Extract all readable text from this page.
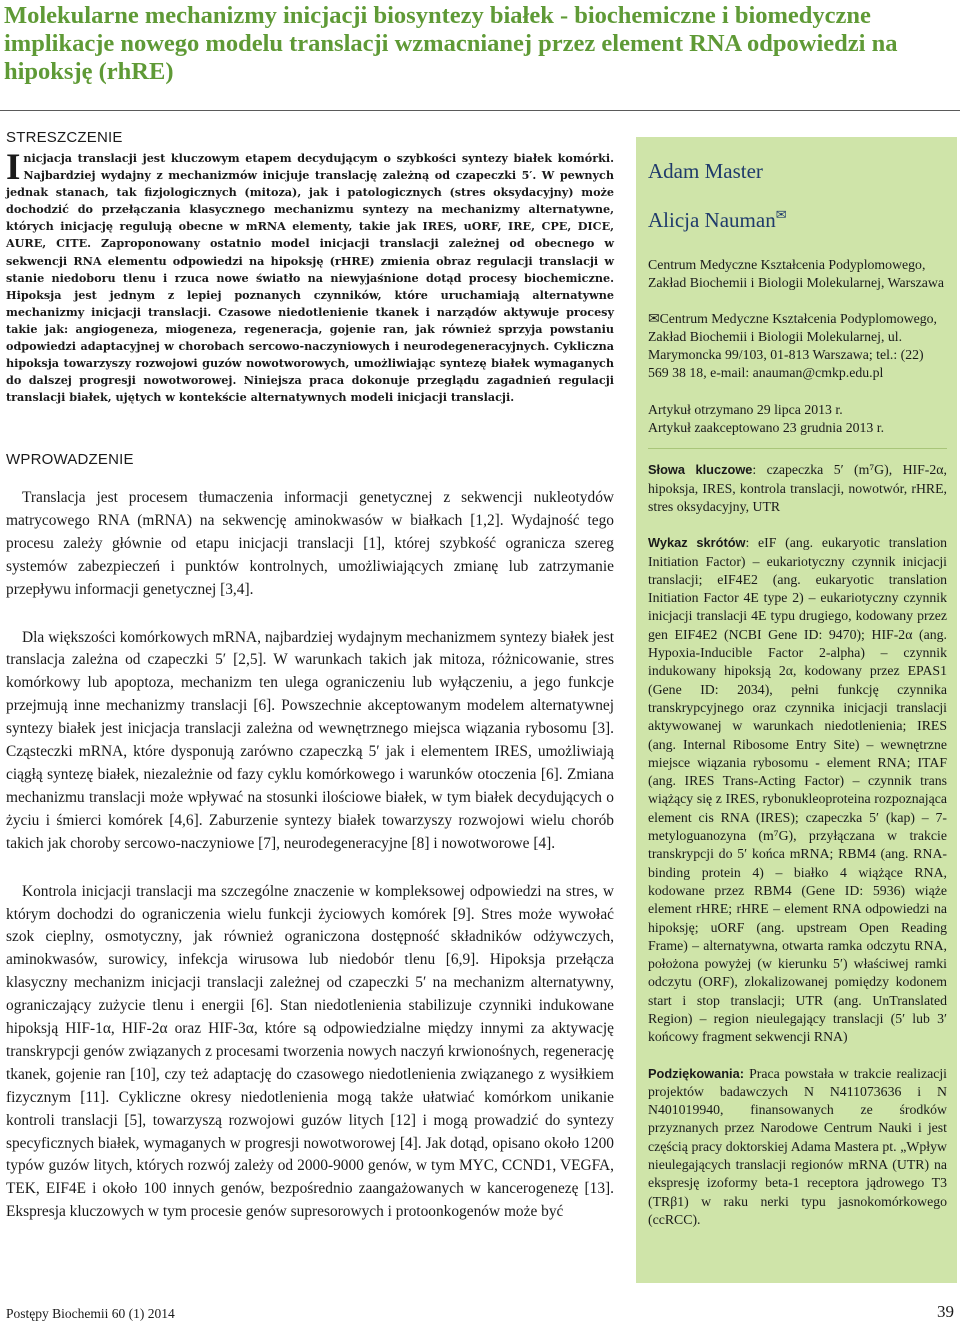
Molekularne mechanizmy inicjacji biosyntezy białek - biochemiczne i biomedyczne implikacje nowego modelu translacji wzmacnianej przez element RNA odpowiedzi na hipoksję (rhRE)
STRESZCZENIE

Inicjacja translacji jest kluczowym etapem decydującym o szybkości syntezy białek komórki. Najbardziej wydajny z mechanizmów inicjuje translację zależną od czapeczki 5′. W pewnych jednak stanach, tak fizjologicznych (mitoza), jak i patologicznych (stres oksydacyjny) może dochodzić do przełączania klasycznego mechanizmu syntezy na mechanizmy alternatywne, których inicjację regulują obecne w mRNA elementy, takie jak IRES, uORF, IRE, CPE, DICE, AURE, CITE. Zaproponowany ostatnio model inicjacji translacji zależnej od obecnego w sekwencji RNA elementu odpowiedzi na hipoksję (rHRE) zmienia obraz regulacji translacji w stanie niedoboru tlenu i rzuca nowe światło na niewyjaśnione dotąd procesy biochemiczne. Hipoksja jest jednym z lepiej poznanych czynników, które uruchamiają alternatywne mechanizmy inicjacji translacji. Czasowe niedotlenienie tkanek i narządów aktywuje procesy takie jak: angiogeneza, miogeneza, regeneracja, gojenie ran, jak również sprzyja powstaniu odpowiedzi adaptacyjnej w chorobach sercowo-naczyniowych i neurodegeneracyjnych. Cykliczna hipoksja towarzyszy rozwojowi guzów nowotworowych, umożliwiając syntezę białek wymaganych do dalszej progresji nowotworowej. Niniejsza praca dokonuje przeglądu zagadnień regulacji translacji białek, ujętych w kontekście alternatywnych modeli inicjacji translacji.

WPROWADZENIE

Translacja jest procesem tłumaczenia informacji genetycznej z sekwencji nukleotydów matrycowego RNA (mRNA) na sekwencję aminokwasów w białkach [1,2]. Wydajność tego procesu zależy głównie od etapu inicjacji translacji [1], której szybkość ogranicza szereg systemów zabezpieczeń i punktów kontrolnych, umożliwiających zmianę lub zatrzymanie przepływu informacji genetycznej [3,4].

Dla większości komórkowych mRNA, najbardziej wydajnym mechanizmem syntezy białek jest translacja zależna od czapeczki 5′ [2,5]. W warunkach takich jak mitoza, różnicowanie, stres komórkowy lub apoptoza, mechanizm ten ulega ograniczeniu lub wyłączeniu, a jego funkcje przejmują inne mechanizmy translacji [6]. Powszechnie akceptowanym modelem alternatywnej syntezy białek jest inicjacja translacji zależna od wewnętrznego miejsca wiązania rybosomu [3]. Cząsteczki mRNA, które dysponują zarówno czapeczką 5′ jak i elementem IRES, umożliwiają ciągłą syntezę białek, niezależnie od fazy cyklu komórkowego i warunków otoczenia [6]. Zmiana mechanizmu translacji może wpływać na stosunki ilościowe białek, w tym białek decydujących o życiu i śmierci komórek [4,6]. Zaburzenie syntezy białek towarzyszy rozwojowi wielu chorób takich jak choroby sercowo-naczyniowe [7], neurodegeneracyjne [8] i nowotworowe [4].

Kontrola inicjacji translacji ma szczególne znaczenie w kompleksowej odpowiedzi na stres, w którym dochodzi do ograniczenia wielu funkcji życiowych komórek [9]. Stres może wywołać szok cieplny, osmotyczny, jak również ograniczona dostępność składników odżywczych, aminokwasów, surowicy, infekcja wirusowa lub niedobór tlenu [6,9]. Hipoksja przełącza klasyczny mechanizm inicjacji translacji zależnej od czapeczki 5′ na mechanizm alternatywny, ograniczający zużycie tlenu i energii [6]. Stan niedotlenienia stabilizuje czynniki indukowane hipoksją HIF-1α, HIF-2α oraz HIF-3α, które są odpowiedzialne między innymi za aktywację transkrypcji genów związanych z procesami tworzenia nowych naczyń krwionośnych, regenerację tkanek, gojenie ran [10], czy też adaptację do czasowego niedotlenienia związanego z wysiłkiem fizycznym [11]. Cykliczne okresy niedotlenienia mogą także ułatwiać komórkom unikanie kontroli translacji [5], towarzyszą rozwojowi guzów litych [12] i mogą prowadzić do syntezy specyficznych białek, wymaganych w progresji nowotworowej [4]. Jak dotąd, opisano około 1200 typów guzów litych, których rozwój zależy od 2000-9000 genów, w tym MYC, CCND1, VEGFA, TEK, EIF4E i około 100 innych genów, bezpośrednio zaangażowanych w kancerogenezę [13]. Ekspresja kluczowych w tym procesie genów supresorowych i protoonkogenów może być

Adam Master
Alicja Nauman✉

Centrum Medyczne Kształcenia Podyplomowego, Zakład Biochemii i Biologii Molekularnej, Warszawa

✉Centrum Medyczne Kształcenia Podyplomowego, Zakład Biochemii i Biologii Molekularnej, ul. Marymoncka 99/103, 01-813 Warszawa; tel.: (22) 569 38 18, e-mail: anauman@cmkp.edu.pl

Artykuł otrzymano 29 lipca 2013 r.
Artykuł zaakceptowano 23 grudnia 2013 r.

Słowa kluczowe: czapeczka 5′ (m⁷G), HIF-2α, hipoksja, IRES, kontrola translacji, nowotwór, rHRE, stres oksydacyjny, UTR

Wykaz skrótów: eIF (ang. eukaryotic translation Initiation Factor) – eukariotyczny czynnik inicjacji translacji; eIF4E2 (ang. eukaryotic translation Initiation Factor 4E type 2) – eukariotyczny czynnik inicjacji translacji 4E typu drugiego, kodowany przez gen EIF4E2 (NCBI Gene ID: 9470); HIF-2α (ang. Hypoxia-Inducible Factor 2-alpha) – czynnik indukowany hipoksją 2α, kodowany przez EPAS1 (Gene ID: 2034), pełni funkcję czynnika transkrypcyjnego oraz czynnika inicjacji translacji aktywowanej w warunkach niedotlenienia; IRES (ang. Internal Ribosome Entry Site) – wewnętrzne miejsce wiązania rybosomu - element RNA; ITAF (ang. IRES Trans-Acting Factor) – czynnik trans wiążący się z IRES, rybonukleoproteina rozpoznająca element cis RNA (IRES); czapeczka 5′ (kap) – 7-metyloguanozyna (m⁷G), przyłączana w trakcie transkrypcji do 5′ końca mRNA; RBM4 (ang. RNA-binding protein 4) – białko 4 wiążące RNA, kodowane przez RBM4 (Gene ID: 5936) wiąże element rHRE; rHRE – element RNA odpowiedzi na hipoksję; uORF (ang. upstream Open Reading Frame) – alternatywna, otwarta ramka odczytu RNA, położona powyżej (w kierunku 5′) właściwej ramki odczytu (ORF), zlokalizowanej pomiędzy kodonem start i stop translacji; UTR (ang. UnTranslated Region) – region nieulegający translacji (5′ lub 3′ końcowy fragment sekwencji RNA)

Podziękowania: Praca powstała w trakcie realizacji projektów badawczych N N411073636 i N N401019940, finansowanych ze środków przyznanych przez Narodowe Centrum Nauki i jest częścią pracy doktorskiej Adama Mastera pt. „Wpływ nieulegających translacji regionów mRNA (UTR) na ekspresję izoformy beta-1 receptora jądrowego T3 (TRβ1) w raku nerki typu jasnokomórkowego (ccRCC).

Postępy Biochemii 60 (1) 2014	39
